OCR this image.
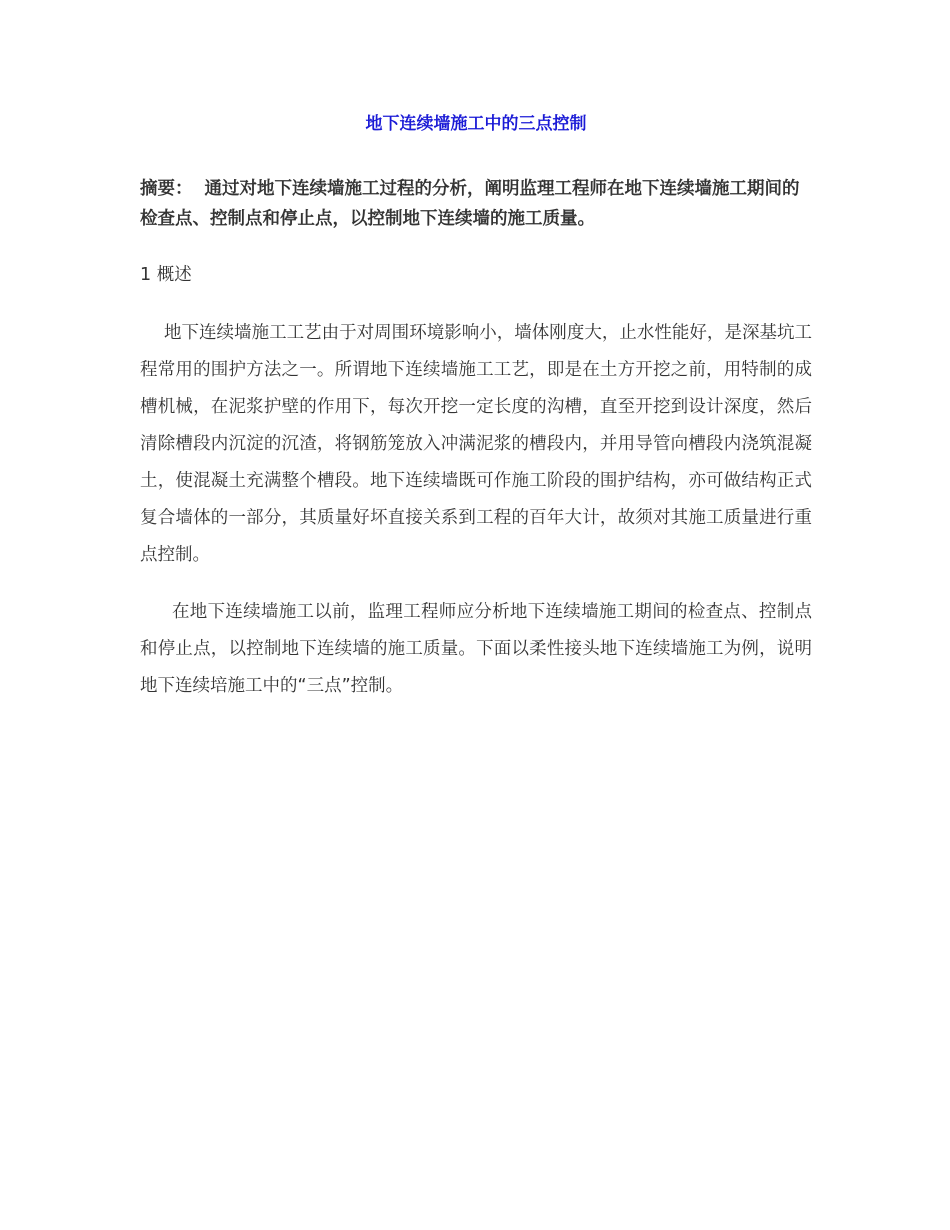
地下连续墙施工中的三点控制
摘要： 通过对地下连续墙施工过程的分析，阐明监理工程师在地下连续墙施工期间的检查点、控制点和停止点，以控制地下连续墙的施工质量。
1 概述

地下连续墙施工工艺由于对周围环境影响小，墙体刚度大，止水性能好，是深基坑工程常用的围护方法之一。所谓地下连续墙施工工艺，即是在土方开挖之前，用特制的成槽机械，在泥浆护壁的作用下，每次开挖一定长度的沟槽，直至开挖到设计深度，然后清除槽段内沉淀的沉渣，将钢筋笼放入冲满泥浆的槽段内，并用导管向槽段内浇筑混凝土，使混凝土充满整个槽段。地下连续墙既可作施工阶段的围护结构，亦可做结构正式复合墙体的一部分，其质量好坏直接关系到工程的百年大计，故须对其施工质量进行重点控制。

在地下连续墙施工以前，监理工程师应分析地下连续墙施工期间的检查点、控制点和停止点，以控制地下连续墙的施工质量。下面以柔性接头地下连续墙施工为例，说明地下连续培施工中的“三点”控制。
